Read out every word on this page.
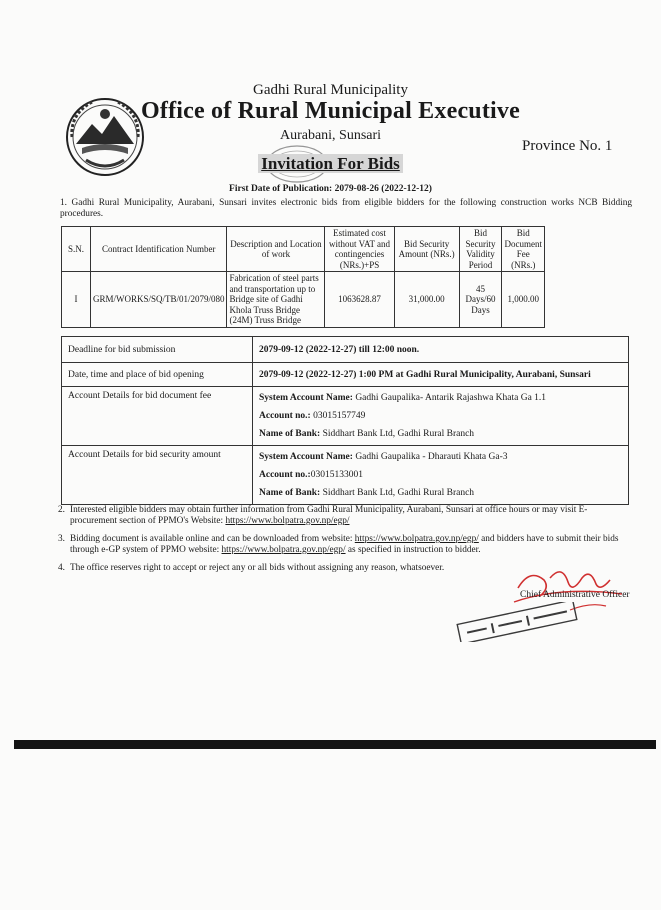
Gadhi Rural Municipality
Office of Rural Municipal Executive
Aurabani, Sunsari
Province No. 1
Invitation For Bids
First Date of Publication: 2079-08-26 (2022-12-12)
1. Gadhi Rural Municipality, Aurabani, Sunsari invites electronic bids from eligible bidders for the following construction works NCB Bidding procedures.
S.N.	Contract Identification Number	Description and Location of work	Estimated cost without VAT and contingencies (NRs.)+PS	Bid Security Amount (NRs.)	Bid Security Validity Period	Bid Document Fee (NRs.)
I	GRM/WORKS/SQ/TB/01/2079/080	Fabrication of steel parts and transportation up to Bridge site of Gadhi Khola Truss Bridge (24M) Truss Bridge	1063628.87	31,000.00	45 Days/60 Days	1,000.00
Deadline for bid submission	2079-09-12 (2022-12-27) till 12:00 noon.
Date, time and place of bid opening	2079-09-12 (2022-12-27) 1:00 PM at Gadhi Rural Municipality, Aurabani, Sunsari
Account Details for bid document fee	System Account Name: Gadhi Gaupalika- Antarik Rajashwa Khata Ga 1.1
Account no.: 03015157749
Name of Bank: Siddhart Bank Ltd, Gadhi Rural Branch

Account Details for bid security amount	System Account Name: Gadhi Gaupalika - Dharauti Khata Ga-3
Account no.:03015133001
Name of Bank: Siddhart Bank Ltd, Gadhi Rural Branch
2. Interested eligible bidders may obtain further information from Gadhi Rural Municipality, Aurabani, Sunsari at office hours or may visit E-procurement section of PPMO's Website: https://www.bolpatra.gov.np/egp/
3. Bidding document is available online and can be downloaded from website: https://www.bolpatra.gov.np/egp/ and bidders have to submit their bids through e-GP system of PPMO website: https://www.bolpatra.gov.np/egp/ as specified in instruction to bidder.
4. The office reserves right to accept or reject any or all bids without assigning any reason, whatsoever.
Chief Administrative Officer
